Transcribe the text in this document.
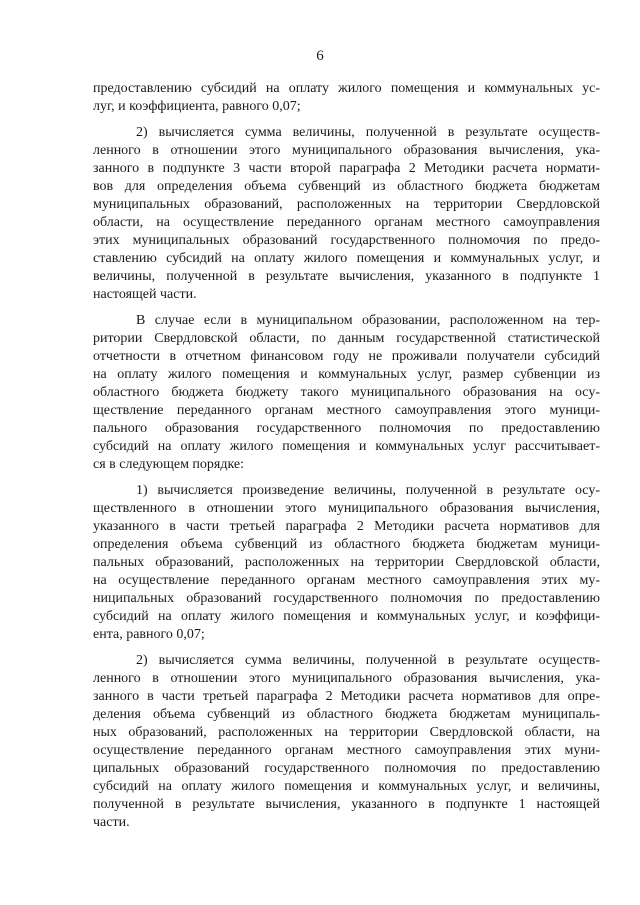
6

предоставлению субсидий на оплату жилого помещения и коммунальных ус-
луг, и коэффициента, равного 0,07;

2) вычисляется сумма величины, полученной в результате осуществ-
ленного в отношении этого муниципального образования вычисления, ука-
занного в подпункте 3 части второй параграфа 2 Методики расчета нормати-
вов для определения объема субвенций из областного бюджета бюджетам
муниципальных образований, расположенных на территории Свердловской
области, на осуществление переданного органам местного самоуправления
этих муниципальных образований государственного полномочия по предо-
ставлению субсидий на оплату жилого помещения и коммунальных услуг, и
величины, полученной в результате вычисления, указанного в подпункте 1
настоящей части.

В случае если в муниципальном образовании, расположенном на тер-
ритории Свердловской области, по данным государственной статистической
отчетности в отчетном финансовом году не проживали получатели субсидий
на оплату жилого помещения и коммунальных услуг, размер субвенции из
областного бюджета бюджету такого муниципального образования на осу-
ществление переданного органам местного самоуправления этого муници-
пального образования государственного полномочия по предоставлению
субсидий на оплату жилого помещения и коммунальных услуг рассчитывает-
ся в следующем порядке:

1) вычисляется произведение величины, полученной в результате осу-
ществленного в отношении этого муниципального образования вычисления,
указанного в части третьей параграфа 2 Методики расчета нормативов для
определения объема субвенций из областного бюджета бюджетам муници-
пальных образований, расположенных на территории Свердловской области,
на осуществление переданного органам местного самоуправления этих му-
ниципальных образований государственного полномочия по предоставлению
субсидий на оплату жилого помещения и коммунальных услуг, и коэффици-
ента, равного 0,07;

2) вычисляется сумма величины, полученной в результате осуществ-
ленного в отношении этого муниципального образования вычисления, ука-
занного в части третьей параграфа 2 Методики расчета нормативов для опре-
деления объема субвенций из областного бюджета бюджетам муниципаль-
ных образований, расположенных на территории Свердловской области, на
осуществление переданного органам местного самоуправления этих муни-
ципальных образований государственного полномочия по предоставлению
субсидий на оплату жилого помещения и коммунальных услуг, и величины,
полученной в результате вычисления, указанного в подпункте 1 настоящей
части.
